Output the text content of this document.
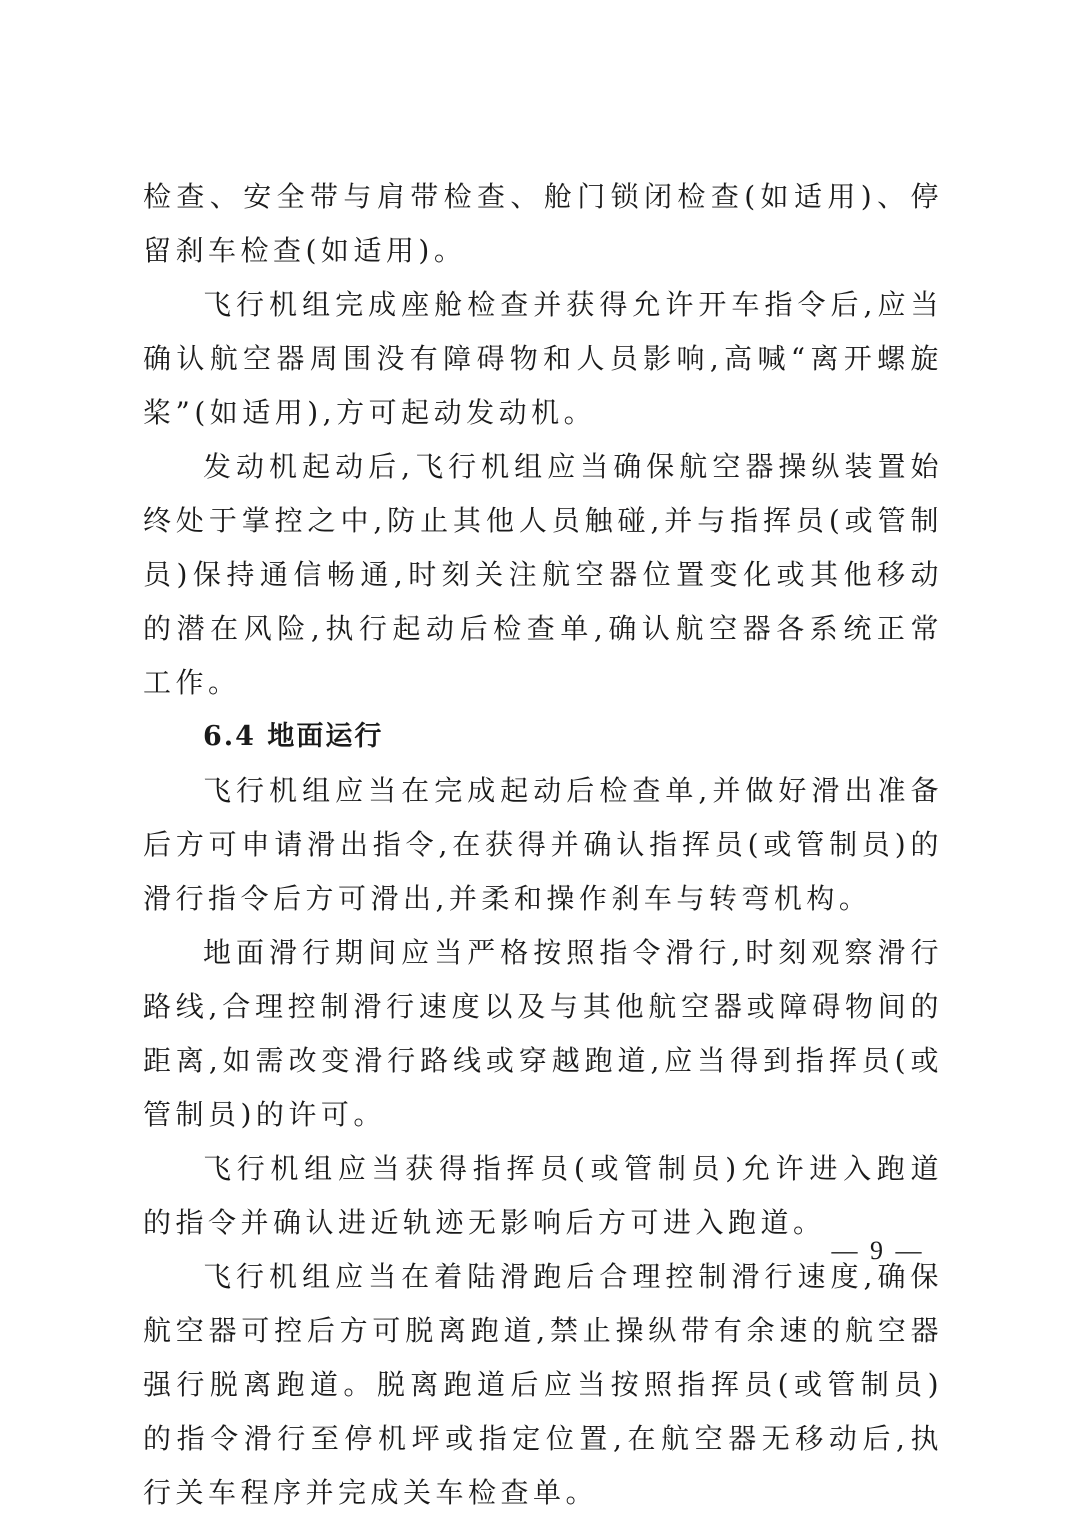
检查、安全带与肩带检查、舱门锁闭检查(如适用)、停留刹车检查(如适用)。

飞行机组完成座舱检查并获得允许开车指令后,应当确认航空器周围没有障碍物和人员影响,高喊“离开螺旋桨”(如适用),方可起动发动机。

发动机起动后,飞行机组应当确保航空器操纵装置始终处于掌控之中,防止其他人员触碰,并与指挥员(或管制员)保持通信畅通,时刻关注航空器位置变化或其他移动的潜在风险,执行起动后检查单,确认航空器各系统正常工作。

6.4 地面运行

飞行机组应当在完成起动后检查单,并做好滑出准备后方可申请滑出指令,在获得并确认指挥员(或管制员)的滑行指令后方可滑出,并柔和操作刹车与转弯机构。

地面滑行期间应当严格按照指令滑行,时刻观察滑行路线,合理控制滑行速度以及与其他航空器或障碍物间的距离,如需改变滑行路线或穿越跑道,应当得到指挥员(或管制员)的许可。

飞行机组应当获得指挥员(或管制员)允许进入跑道的指令并确认进近轨迹无影响后方可进入跑道。

飞行机组应当在着陆滑跑后合理控制滑行速度,确保航空器可控后方可脱离跑道,禁止操纵带有余速的航空器强行脱离跑道。脱离跑道后应当按照指挥员(或管制员)的指令滑行至停机坪或指定位置,在航空器无移动后,执行关车程序并完成关车检查单。

— 9 —
